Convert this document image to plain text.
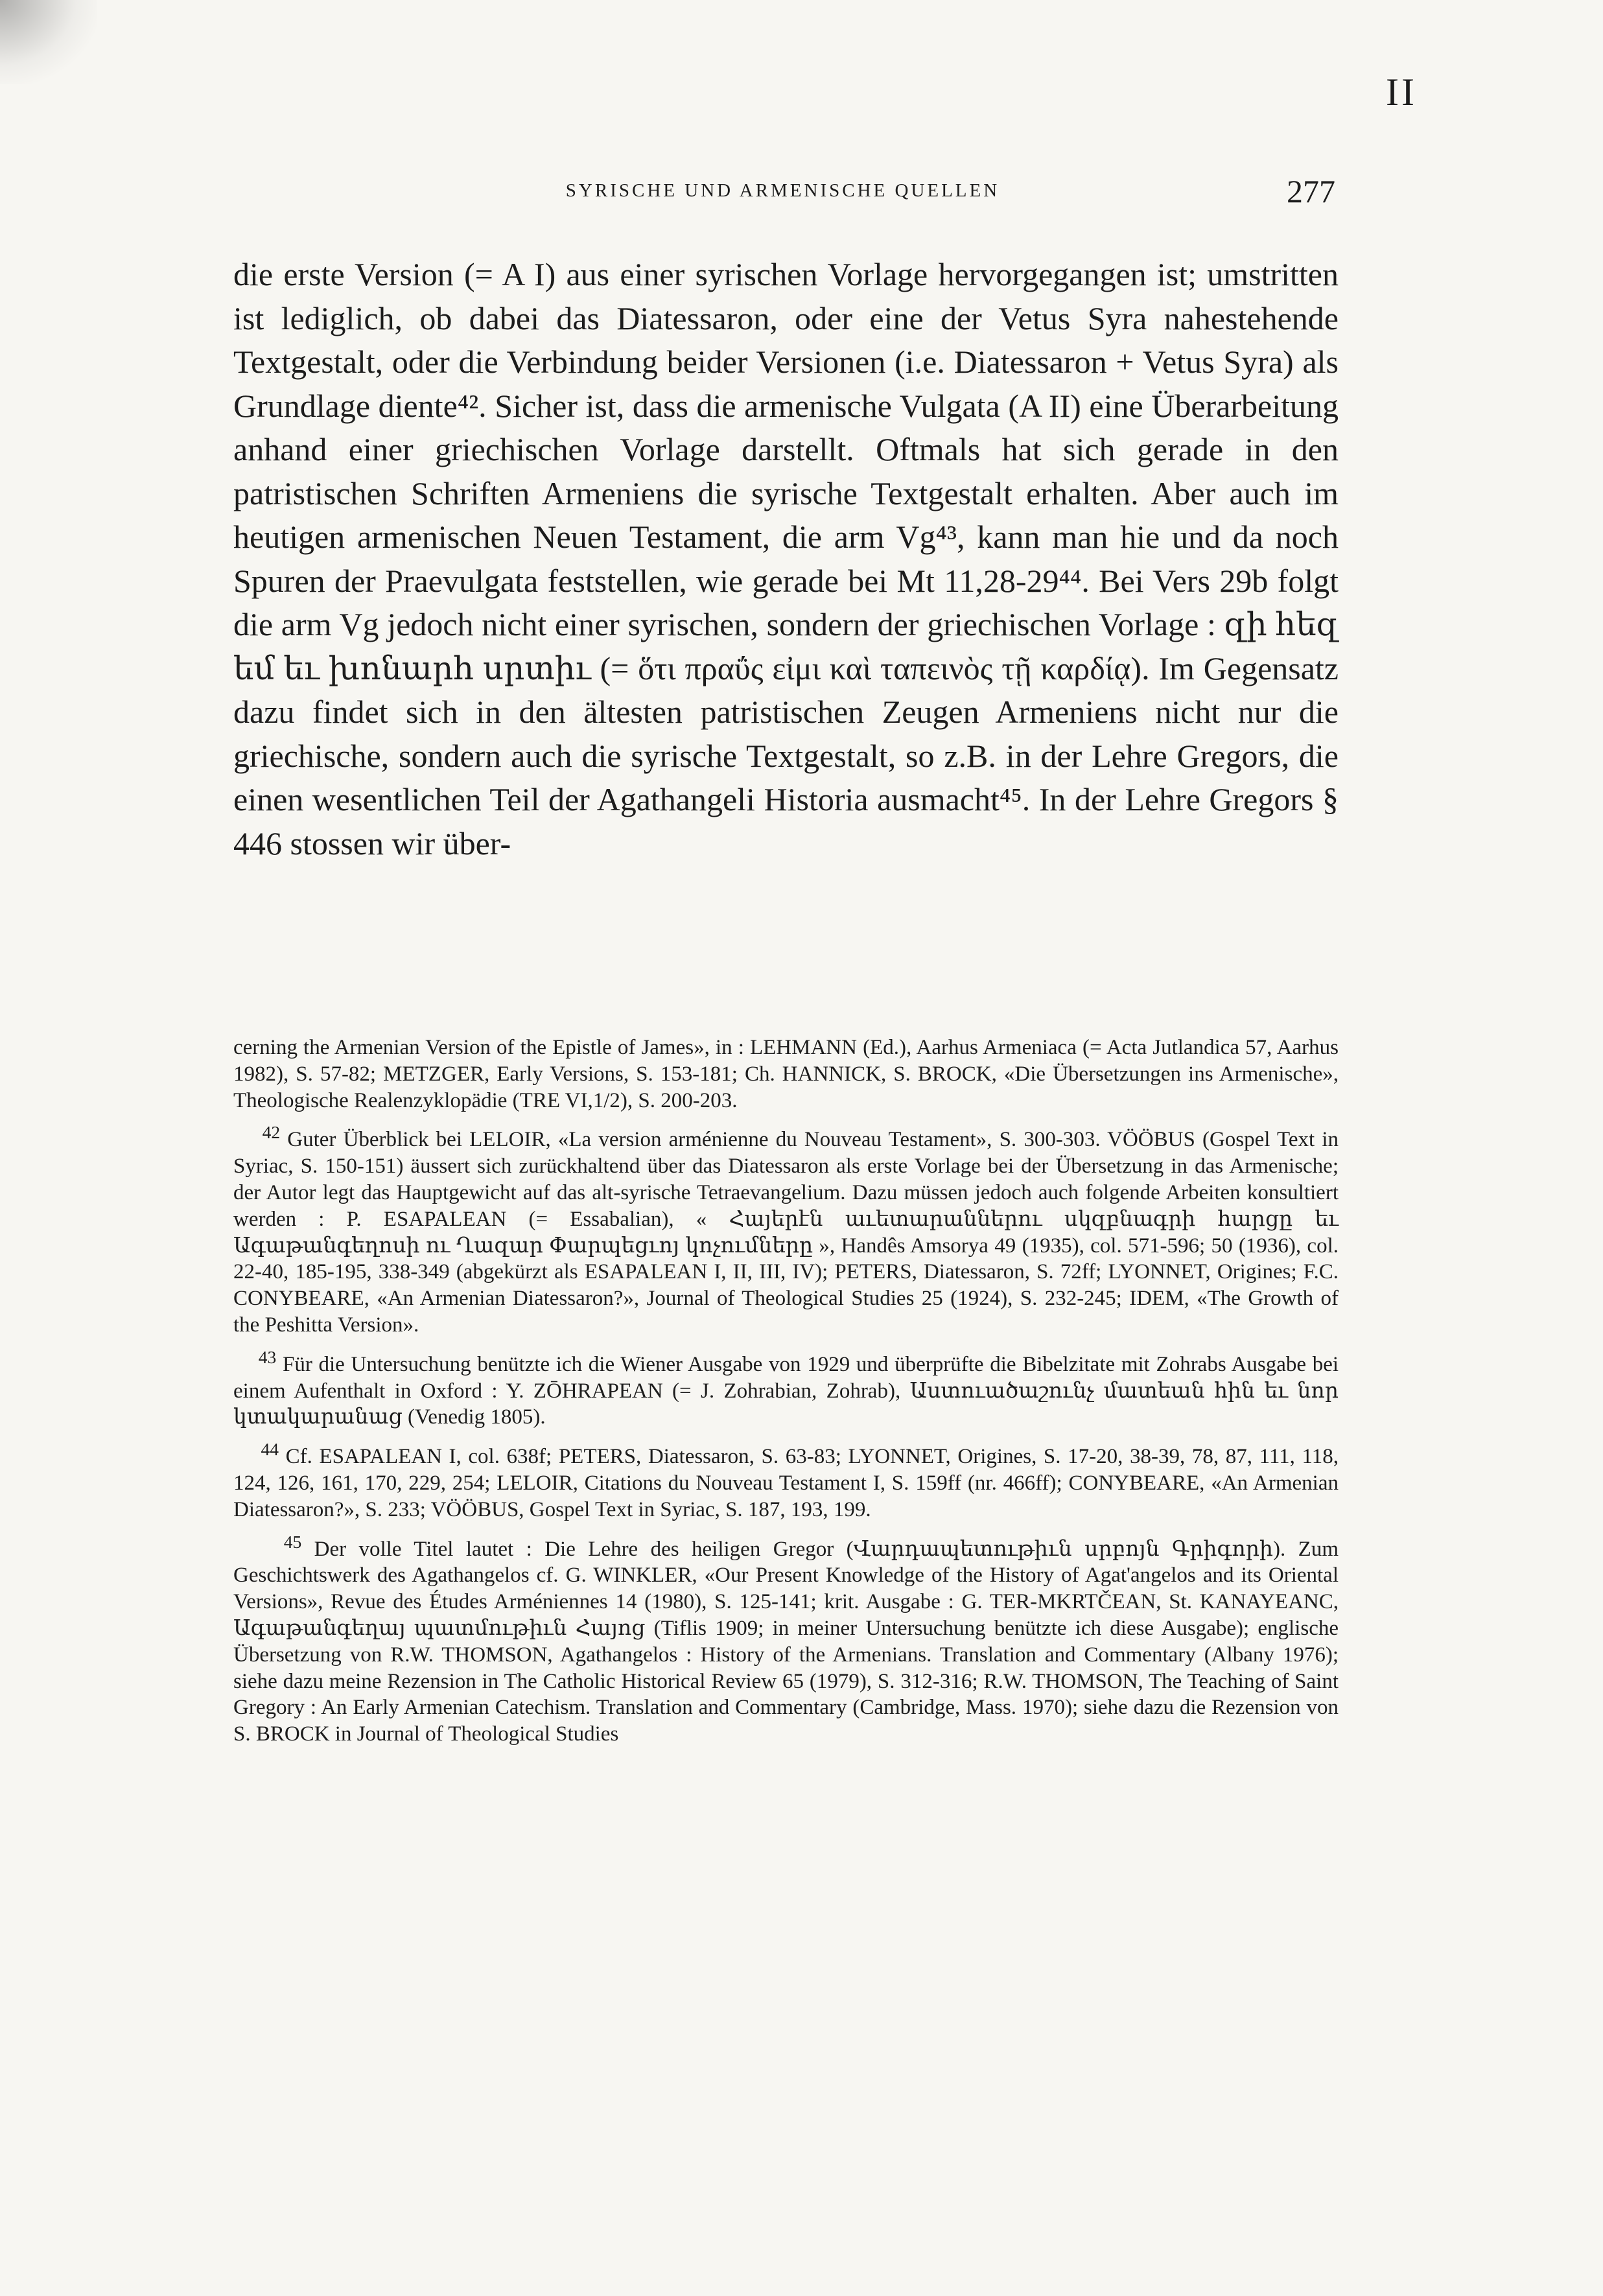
II
SYRISCHE UND ARMENISCHE QUELLEN	277

die erste Version (= A I) aus einer syrischen Vorlage hervorgegangen ist; umstritten ist lediglich, ob dabei das Diatessaron, oder eine der Vetus Syra nahestehende Textgestalt, oder die Verbindung beider Versionen (i.e. Diatessaron + Vetus Syra) als Grundlage diente⁴². Sicher ist, dass die armenische Vulgata (A II) eine Überarbeitung anhand einer griechischen Vorlage darstellt. Oftmals hat sich gerade in den patristischen Schriften Armeniens die syrische Textgestalt erhalten. Aber auch im heutigen armenischen Neuen Testament, die arm Vg⁴³, kann man hie und da noch Spuren der Praevulgata feststellen, wie gerade bei Mt 11,28-29⁴⁴. Bei Vers 29b folgt die arm Vg jedoch nicht einer syrischen, sondern der griechischen Vorlage : զի հեզ եմ եւ խոնարհ սրտիւ (= ὅτι πραΰς εἰμι καὶ ταπεινὸς τῇ καρδίᾳ). Im Gegensatz dazu findet sich in den ältesten patristischen Zeugen Armeniens nicht nur die griechische, sondern auch die syrische Textgestalt, so z.B. in der Lehre Gregors, die einen wesentlichen Teil der Agathangeli Historia ausmacht⁴⁵. In der Lehre Gregors § 446 stossen wir über-

cerning the Armenian Version of the Epistle of James», in : LEHMANN (Ed.), Aarhus Armeniaca (= Acta Jutlandica 57, Aarhus 1982), S. 57-82; METZGER, Early Versions, S. 153-181; Ch. HANNICK, S. BROCK, «Die Übersetzungen ins Armenische», Theologische Realenzyklopädie (TRE VI,1/2), S. 200-203.

$^{42}$ Guter Überblick bei LELOIR, «La version arménienne du Nouveau Testament», S. 300-303. VÖÖBUS (Gospel Text in Syriac, S. 150-151) äussert sich zurückhaltend über das Diatessaron als erste Vorlage bei der Übersetzung in das Armenische; der Autor legt das Hauptgewicht auf das alt-syrische Tetraevangelium. Dazu müssen jedoch auch folgende Arbeiten konsultiert werden : P. ESAPALEAN (= Essabalian), « Հայերէն աւետարաններու սկզբնագրի հարցը եւ Ագաթանգեղոսի ու Ղազար Փարպեցւոյ կոչումները », Handês Amsorya 49 (1935), col. 571-596; 50 (1936), col. 22-40, 185-195, 338-349 (abgekürzt als ESAPALEAN I, II, III, IV); PETERS, Diatessaron, S. 72ff; LYONNET, Origines; F.C. CONYBEARE, «An Armenian Diatessaron?», Journal of Theological Studies 25 (1924), S. 232-245; IDEM, «The Growth of the Peshitta Version».

$^{43}$ Für die Untersuchung benützte ich die Wiener Ausgabe von 1929 und überprüfte die Bibelzitate mit Zohrabs Ausgabe bei einem Aufenthalt in Oxford : Y. ZŌHRAPEAN (= J. Zohrabian, Zohrab), Աստուածաշունչ մատեան հին եւ նոր կտակարանաց (Venedig 1805).

$^{44}$ Cf. ESAPALEAN I, col. 638f; PETERS, Diatessaron, S. 63-83; LYONNET, Origines, S. 17-20, 38-39, 78, 87, 111, 118, 124, 126, 161, 170, 229, 254; LELOIR, Citations du Nouveau Testament I, S. 159ff (nr. 466ff); CONYBEARE, «An Armenian Diatessaron?», S. 233; VÖÖBUS, Gospel Text in Syriac, S. 187, 193, 199.

$^{45}$ Der volle Titel lautet : Die Lehre des heiligen Gregor (Վարդապետութիւն սրբոյն Գրիգորի). Zum Geschichtswerk des Agathangelos cf. G. WINKLER, «Our Present Knowledge of the History of Agat'angelos and its Oriental Versions», Revue des Études Arméniennes 14 (1980), S. 125-141; krit. Ausgabe : G. TER-MKRTČEAN, St. KANAYEANC, Ագաթանգեղայ պատմութիւն Հայոց (Tiflis 1909; in meiner Untersuchung benützte ich diese Ausgabe); englische Übersetzung von R.W. THOMSON, Agathangelos : History of the Armenians. Translation and Commentary (Albany 1976); siehe dazu meine Rezension in The Catholic Historical Review 65 (1979), S. 312-316; R.W. THOMSON, The Teaching of Saint Gregory : An Early Armenian Catechism. Translation and Commentary (Cambridge, Mass. 1970); siehe dazu die Rezension von S. BROCK in Journal of Theological Studies
